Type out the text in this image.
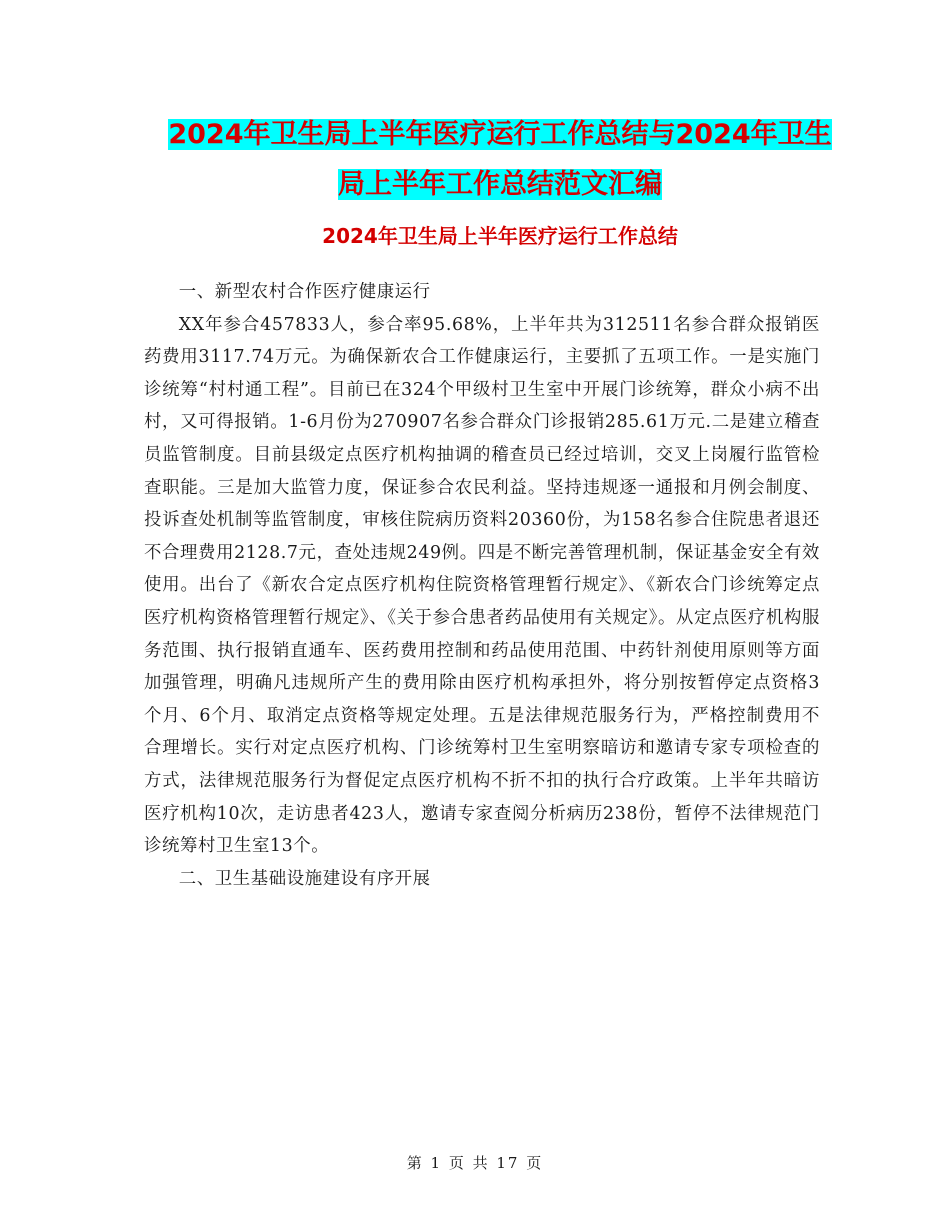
2024年卫生局上半年医疗运行工作总结与2024年卫生
局上半年工作总结范文汇编
2024年卫生局上半年医疗运行工作总结

一、新型农村合作医疗健康运行

XX年参合457833人，参合率95.68%，上半年共为312511名参合群众报销医药费用3117.74万元。为确保新农合工作健康运行，主要抓了五项工作。一是实施门诊统筹“村村通工程”。目前已在324个甲级村卫生室中开展门诊统筹，群众小病不出村，又可得报销。1-6月份为270907名参合群众门诊报销285.61万元.二是建立稽查员监管制度。目前县级定点医疗机构抽调的稽查员已经过培训，交叉上岗履行监管检查职能。三是加大监管力度，保证参合农民利益。坚持违规逐一通报和月例会制度、投诉查处机制等监管制度，审核住院病历资料20360份，为158名参合住院患者退还不合理费用2128.7元，查处违规249例。四是不断完善管理机制，保证基金安全有效使用。出台了《新农合定点医疗机构住院资格管理暂行规定》、《新农合门诊统筹定点医疗机构资格管理暂行规定》、《关于参合患者药品使用有关规定》。从定点医疗机构服务范围、执行报销直通车、医药费用控制和药品使用范围、中药针剂使用原则等方面加强管理，明确凡违规所产生的费用除由医疗机构承担外，将分别按暂停定点资格3个月、6个月、取消定点资格等规定处理。五是法律规范服务行为，严格控制费用不合理增长。实行对定点医疗机构、门诊统筹村卫生室明察暗访和邀请专家专项检查的方式，法律规范服务行为督促定点医疗机构不折不扣的执行合疗政策。上半年共暗访医疗机构10次，走访患者423人，邀请专家查阅分析病历238份，暂停不法律规范门诊统筹村卫生室13个。

二、卫生基础设施建设有序开展

第 1 页 共 17 页
